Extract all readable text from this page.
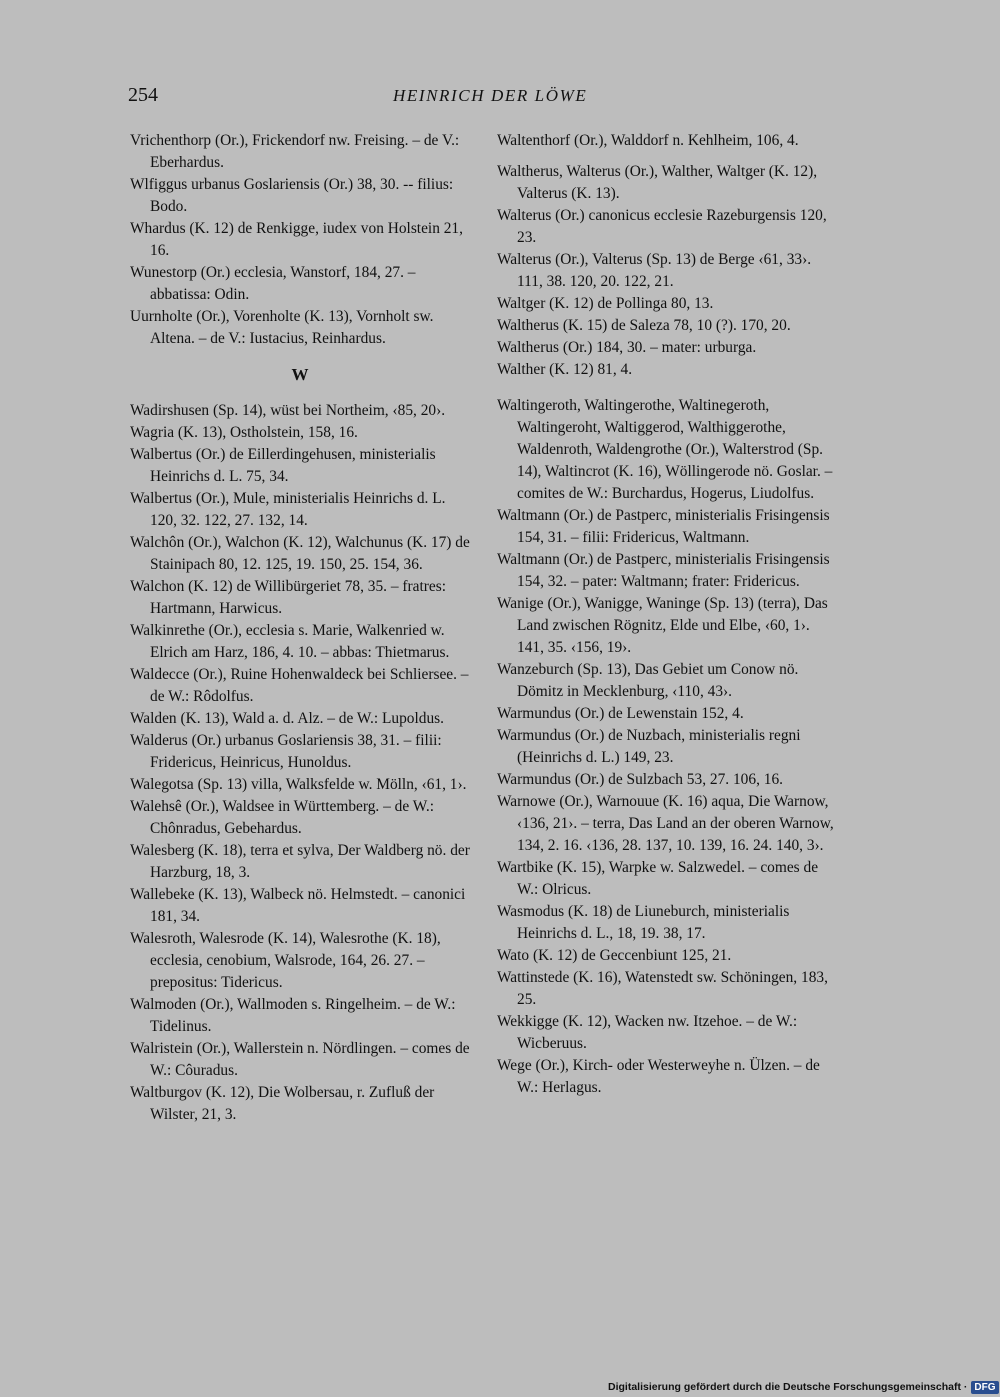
254	HEINRICH DER LÖWE

Vrichenthorp (Or.), Frickendorf nw. Freising. – de V.: Eberhardus.

Wlfiggus urbanus Goslariensis (Or.) 38, 30. -- filius: Bodo.

Whardus (K. 12) de Renkigge, iudex von Holstein 21, 16.

Wunestorp (Or.) ecclesia, Wanstorf, 184, 27. – abbatissa: Odin.

Uurnholte (Or.), Vorenholte (K. 13), Vornholt sw. Altena. – de V.: Iustacius, Reinhardus.

W

Wadirshusen (Sp. 14), wüst bei Northeim, ‹85, 20›.

Wagria (K. 13), Ostholstein, 158, 16.

Walbertus (Or.) de Eillerdingehusen, ministerialis Heinrichs d. L. 75, 34.

Walbertus (Or.), Mule, ministerialis Heinrichs d. L. 120, 32. 122, 27. 132, 14.

Walchôn (Or.), Walchon (K. 12), Walchunus (K. 17) de Stainipach 80, 12. 125, 19. 150, 25. 154, 36.

Walchon (K. 12) de Willibürgeriet 78, 35. – fratres: Hartmann, Harwicus.

Walkinrethe (Or.), ecclesia s. Marie, Walkenried w. Elrich am Harz, 186, 4. 10. – abbas: Thietmarus.

Waldecce (Or.), Ruine Hohenwaldeck bei Schliersee. – de W.: Rôdolfus.

Walden (K. 13), Wald a. d. Alz. – de W.: Lupoldus.

Walderus (Or.) urbanus Goslariensis 38, 31. – filii: Fridericus, Heinricus, Hunoldus.

Walegotsa (Sp. 13) villa, Walksfelde w. Mölln, ‹61, 1›.

Walehsê (Or.), Waldsee in Württemberg. – de W.: Chônradus, Gebehardus.

Walesberg (K. 18), terra et sylva, Der Waldberg nö. der Harzburg, 18, 3.

Wallebeke (K. 13), Walbeck nö. Helmstedt. – canonici 181, 34.

Walesroth, Walesrode (K. 14), Walesrothe (K. 18), ecclesia, cenobium, Walsrode, 164, 26. 27. – prepositus: Tidericus.

Walmoden (Or.), Wallmoden s. Ringelheim. – de W.: Tidelinus.

Walristein (Or.), Wallerstein n. Nördlingen. – comes de W.: Côuradus.

Waltburgov (K. 12), Die Wolbersau, r. Zufluß der Wilster, 21, 3.

Waltenthorf (Or.), Walddorf n. Kehlheim, 106, 4.

Waltherus, Walterus (Or.), Walther, Waltger (K. 12), Valterus (K. 13).

Walterus (Or.) canonicus ecclesie Razeburgensis 120, 23.

Walterus (Or.), Valterus (Sp. 13) de Berge ‹61, 33›. 111, 38. 120, 20. 122, 21.

Waltger (K. 12) de Pollinga 80, 13.

Waltherus (K. 15) de Saleza 78, 10 (?). 170, 20.

Waltherus (Or.) 184, 30. – mater: urburga.

Walther (K. 12) 81, 4.

Waltingeroth, Waltingerothe, Waltinegeroth, Waltingeroht, Waltiggerod, Walthiggerothe, Waldenroth, Waldengrothe (Or.), Walterstrod (Sp. 14), Waltincrot (K. 16), Wöllingerode nö. Goslar. – comites de W.: Burchardus, Hogerus, Liudolfus.

Waltmann (Or.) de Pastperc, ministerialis Frisingensis 154, 31. – filii: Fridericus, Waltmann.

Waltmann (Or.) de Pastperc, ministerialis Frisingensis 154, 32. – pater: Waltmann; frater: Fridericus.

Wanige (Or.), Wanigge, Waninge (Sp. 13) (terra), Das Land zwischen Rögnitz, Elde und Elbe, ‹60, 1›. 141, 35. ‹156, 19›.

Wanzeburch (Sp. 13), Das Gebiet um Conow nö. Dömitz in Mecklenburg, ‹110, 43›.

Warmundus (Or.) de Lewenstain 152, 4.

Warmundus (Or.) de Nuzbach, ministerialis regni (Heinrichs d. L.) 149, 23.

Warmundus (Or.) de Sulzbach 53, 27. 106, 16.

Warnowe (Or.), Warnouue (K. 16) aqua, Die Warnow, ‹136, 21›. – terra, Das Land an der oberen Warnow, 134, 2. 16. ‹136, 28. 137, 10. 139, 16. 24. 140, 3›.

Wartbike (K. 15), Warpke w. Salzwedel. – comes de W.: Olricus.

Wasmodus (K. 18) de Liuneburch, ministerialis Heinrichs d. L., 18, 19. 38, 17.

Wato (K. 12) de Geccenbiunt 125, 21.

Wattinstede (K. 16), Watenstedt sw. Schöningen, 183, 25.

Wekkigge (K. 12), Wacken nw. Itzehoe. – de W.: Wicberuus.

Wege (Or.), Kirch- oder Westerweyhe n. Ülzen. – de W.: Herlagus.

Digitalisierung gefördert durch die Deutsche Forschungsgemeinschaft · DFG
